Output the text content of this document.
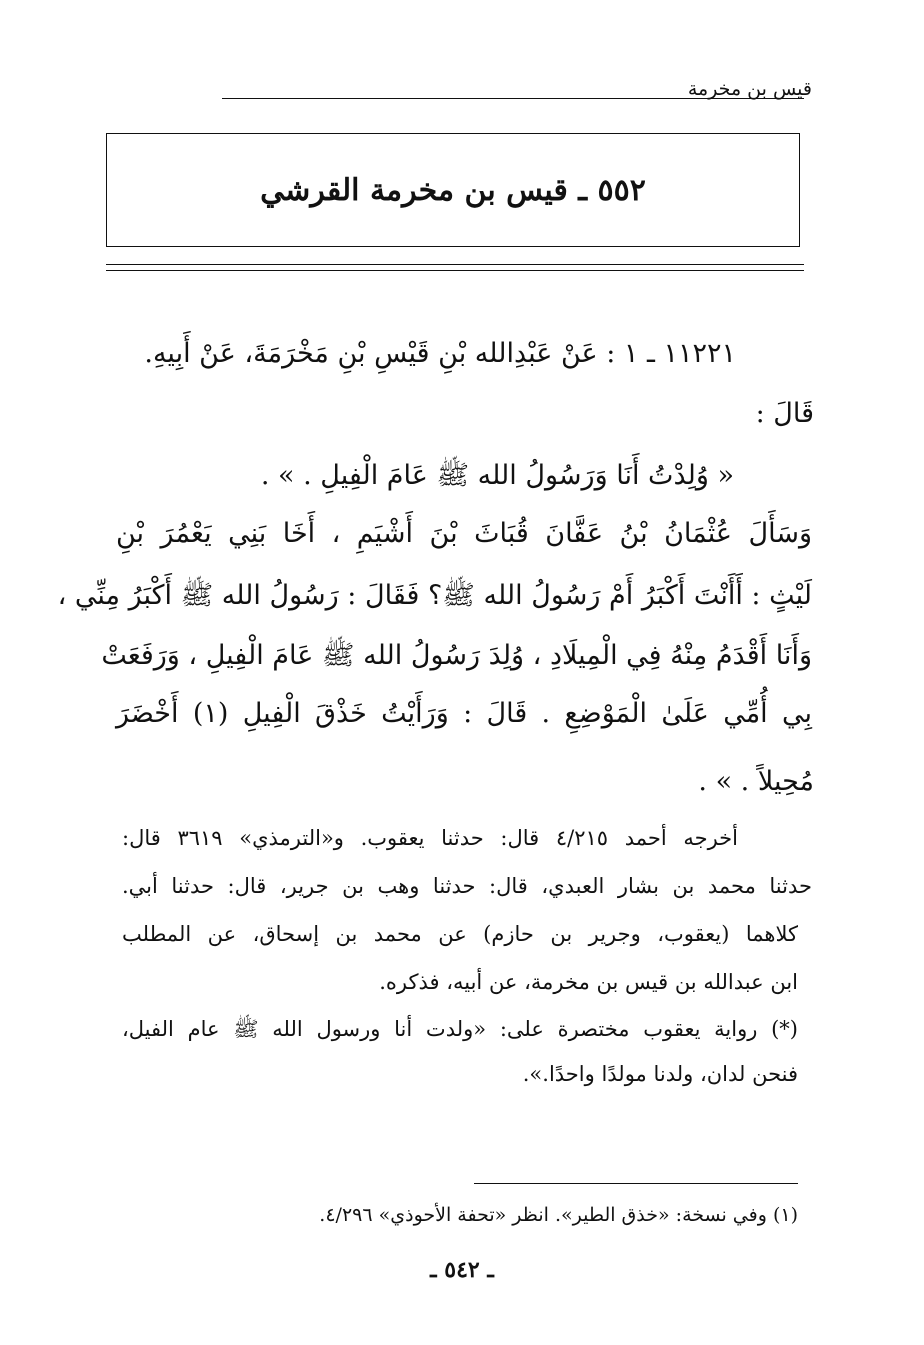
قيس بن مخرمة
٥٥٢ ـ قيس بن مخرمة القرشي
١١٢٢١ ـ ١ : عَنْ عَبْدِالله بْنِ قَيْسِ بْنِ مَخْرَمَةَ، عَنْ أَبِيهِ.
قَالَ :
« وُلِدْتُ أَنَا وَرَسُولُ الله ﷺ عَامَ الْفِيلِ . » .
وَسَأَلَ عُثْمَانُ بْنُ عَفَّانَ قُبَاثَ بْنَ أَشْيَمِ ، أَخَا بَنِي يَعْمُرَ بْنِ
لَيْثٍ : أَأَنْتَ أَكْبَرُ أَمْ رَسُولُ الله ﷺ؟ فَقَالَ : رَسُولُ الله ﷺ أَكْبَرُ مِنِّي ،
وَأَنَا أَقْدَمُ مِنْهُ فِي الْمِيلَادِ ، وُلِدَ رَسُولُ الله ﷺ عَامَ الْفِيلِ ، وَرَفَعَتْ
بِي أُمِّي عَلَىٰ الْمَوْضِعِ . قَالَ : وَرَأَيْتُ خَذْقَ الْفِيلِ (١) أَخْضَرَ
مُحِيلاً . » .
أخرجه أحمد ٤/٢١٥ قال: حدثنا يعقوب. و«الترمذي» ٣٦١٩ قال:
حدثنا محمد بن بشار العبدي، قال: حدثنا وهب بن جرير، قال: حدثنا أبي.
كلاهما (يعقوب، وجرير بن حازم) عن محمد بن إسحاق، عن المطلب
ابن عبدالله بن قيس بن مخرمة، عن أبيه، فذكره.
(*) رواية يعقوب مختصرة على: «ولدت أنا ورسول الله ﷺ عام الفيل،
فنحن لدان، ولدنا مولدًا واحدًا.».
(١) وفي نسخة: «خذق الطير». انظر «تحفة الأحوذي» ٤/٢٩٦.
ـ ٥٤٢ ـ
